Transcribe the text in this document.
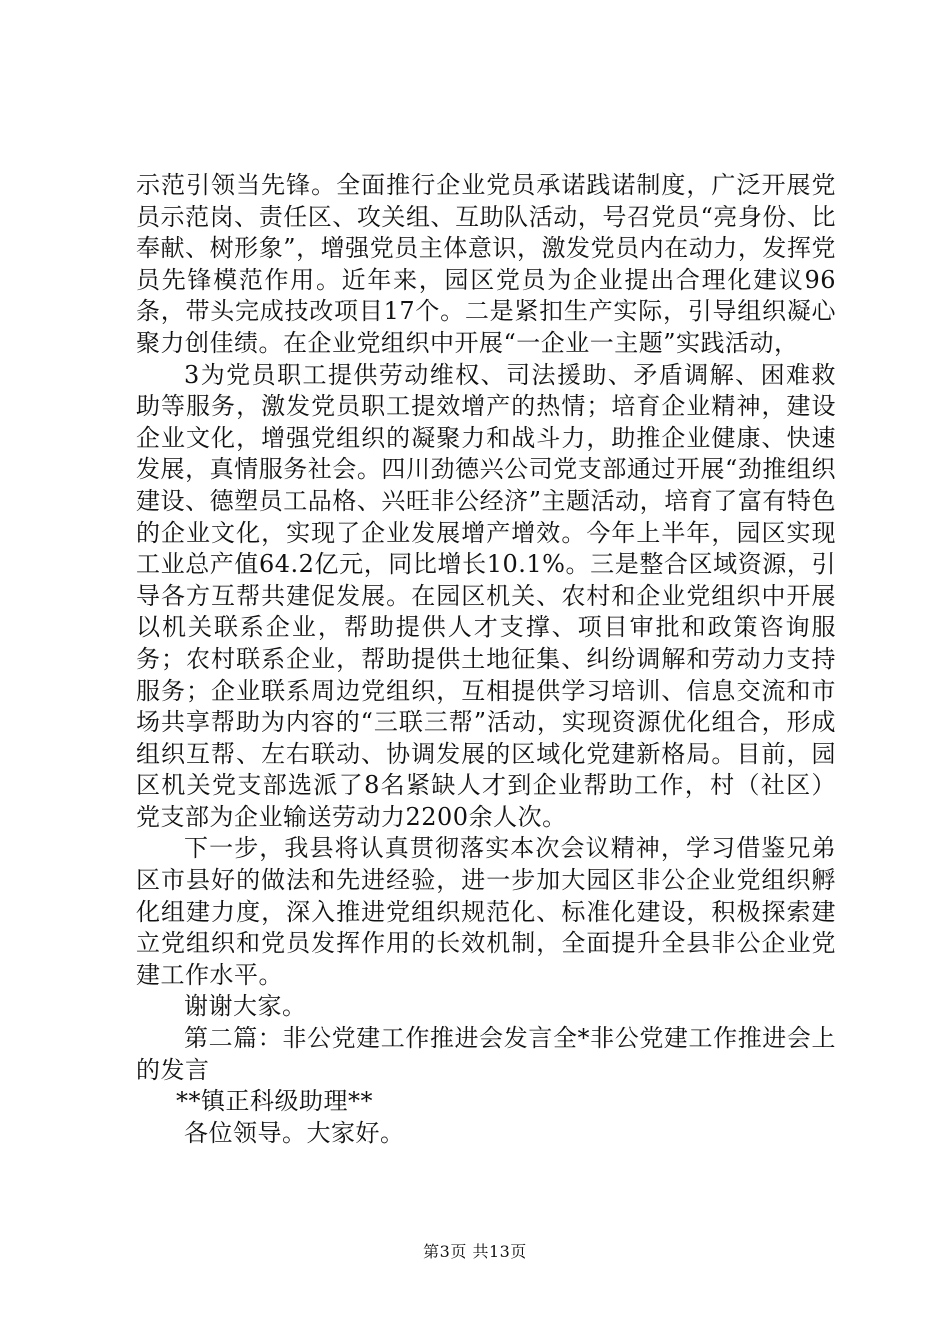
示范引领当先锋。全面推行企业党员承诺践诺制度，广泛开展党员示范岗、责任区、攻关组、互助队活动，号召党员“亮身份、比奉献、树形象”，增强党员主体意识，激发党员内在动力，发挥党员先锋模范作用。近年来，园区党员为企业提出合理化建议96条，带头完成技改项目17个。二是紧扣生产实际，引导组织凝心聚力创佳绩。在企业党组织中开展“一企业一主题”实践活动，

3为党员职工提供劳动维权、司法援助、矛盾调解、困难救助等服务，激发党员职工提效增产的热情；培育企业精神，建设企业文化，增强党组织的凝聚力和战斗力，助推企业健康、快速发展，真情服务社会。四川劲德兴公司党支部通过开展“劲推组织建设、德塑员工品格、兴旺非公经济”主题活动，培育了富有特色的企业文化，实现了企业发展增产增效。今年上半年，园区实现工业总产值64.2亿元，同比增长10.1%。三是整合区域资源，引导各方互帮共建促发展。在园区机关、农村和企业党组织中开展以机关联系企业，帮助提供人才支撑、项目审批和政策咨询服务；农村联系企业，帮助提供土地征集、纠纷调解和劳动力支持服务；企业联系周边党组织，互相提供学习培训、信息交流和市场共享帮助为内容的“三联三帮”活动，实现资源优化组合，形成组织互帮、左右联动、协调发展的区域化党建新格局。目前，园区机关党支部选派了8名紧缺人才到企业帮助工作，村（社区）党支部为企业输送劳动力2200余人次。

下一步，我县将认真贯彻落实本次会议精神，学习借鉴兄弟区市县好的做法和先进经验，进一步加大园区非公企业党组织孵化组建力度，深入推进党组织规范化、标准化建设，积极探索建立党组织和党员发挥作用的长效机制，全面提升全县非公企业党建工作水平。

谢谢大家。

第二篇：非公党建工作推进会发言全*非公党建工作推进会上的发言

**镇正科级助理**

各位领导。大家好。

第3页 共13页
